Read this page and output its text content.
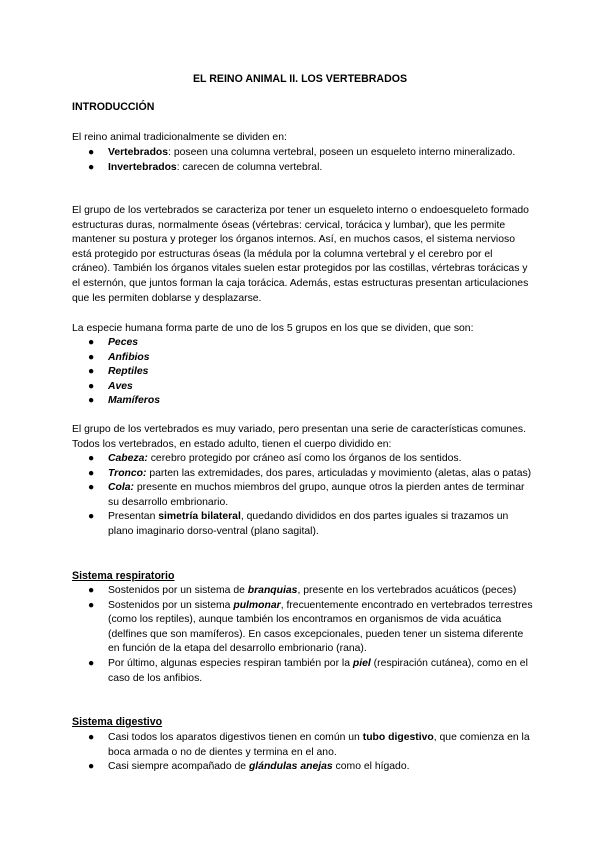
EL REINO ANIMAL II. LOS VERTEBRADOS
INTRODUCCIÓN

El reino animal tradicionalmente se dividen en:

● Vertebrados: poseen una columna vertebral, poseen un esqueleto interno mineralizado.
● Invertebrados: carecen de columna vertebral.

El grupo de los vertebrados se caracteriza por tener un esqueleto interno o endoesqueleto formado estructuras duras, normalmente óseas (vértebras: cervical, torácica y lumbar), que les permite mantener su postura y proteger los órganos internos. Así, en muchos casos, el sistema nervioso está protegido por estructuras óseas (la médula por la columna vertebral y el cerebro por el cráneo). También los órganos vitales suelen estar protegidos por las costillas, vértebras torácicas y el esternón, que juntos forman la caja torácica. Además, estas estructuras presentan articulaciones que les permiten doblarse y desplazarse.

La especie humana forma parte de uno de los 5 grupos en los que se dividen, que son:

● Peces
● Anfibios
● Reptiles
● Aves
● Mamíferos

El grupo de los vertebrados es muy variado, pero presentan una serie de características comunes. Todos los vertebrados, en estado adulto, tienen el cuerpo dividido en:

● Cabeza: cerebro protegido por cráneo así como los órganos de los sentidos.
● Tronco: parten las extremidades, dos pares, articuladas y movimiento (aletas, alas o patas)
● Cola: presente en muchos miembros del grupo, aunque otros la pierden antes de terminar su desarrollo embrionario.
● Presentan simetría bilateral, quedando divididos en dos partes iguales si trazamos un plano imaginario dorso-ventral (plano sagital).
Sistema respiratorio
● Sostenidos por un sistema de branquias, presente en los vertebrados acuáticos (peces)
● Sostenidos por un sistema pulmonar, frecuentemente encontrado en vertebrados terrestres (como los reptiles), aunque también los encontramos en organismos de vida acuática (delfines que son mamíferos). En casos excepcionales, pueden tener un sistema diferente en función de la etapa del desarrollo embrionario (rana).
● Por último, algunas especies respiran también por la piel (respiración cutánea), como en el caso de los anfibios.
Sistema digestivo
● Casi todos los aparatos digestivos tienen en común un tubo digestivo, que comienza en la boca armada o no de dientes y termina en el ano.
● Casi siempre acompañado de glándulas anejas como el hígado.
